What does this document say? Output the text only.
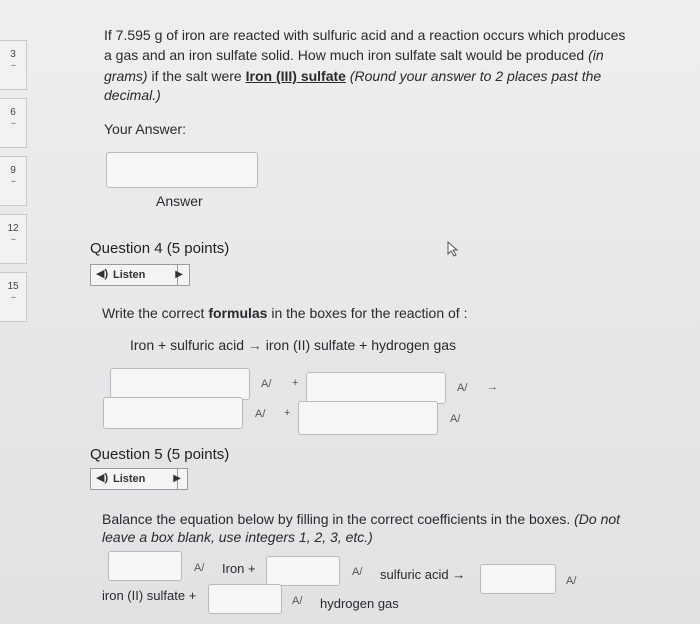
3
--
6
--
9
--
12
--
15
--
If 7.595 g of iron are reacted with sulfuric acid and a reaction occurs which produces
a gas and an iron sulfate solid. How much iron sulfate salt would be produced (in
grams) if the salt were Iron (III) sulfate (Round your answer to 2 places past the
decimal.)
Your Answer:
Answer
Question 4 (5 points)
◀) Listen	▶
Write the correct formulas in the boxes for the reaction of :
Iron + sulfuric acid → iron (II) sulfate + hydrogen gas
A/ +	A/ →
A/ +	A/
Question 5 (5 points)
◀) Listen	▶
Balance the equation below by filling in the correct coefficients in the boxes. (Do not
leave a box blank, use integers 1, 2, 3, etc.)
A/ Iron +	A/ sulfuric acid →	A/
iron (II) sulfate +	A/ hydrogen gas
